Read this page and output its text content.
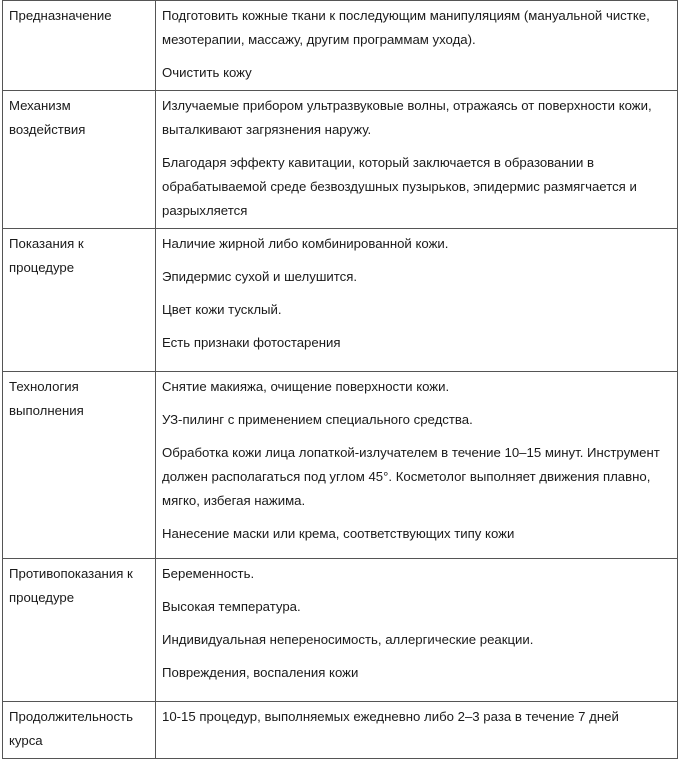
Предназначение	Подготовить кожные ткани к последующим манипуляциям (мануальной чистке, мезотерапии, массажу, другим программам ухода).

Очистить кожу

Механизм воздействия	Излучаемые прибором ультразвуковые волны, отражаясь от поверхности кожи, выталкивают загрязнения наружу.

Благодаря эффекту кавитации, который заключается в образовании в обрабатываемой среде безвоздушных пузырьков, эпидермис размягчается и разрыхляется

Показания к процедуре	Наличие жирной либо комбинированной кожи.

Эпидермис сухой и шелушится.

Цвет кожи тусклый.

Есть признаки фотостарения

Технология выполнения	Снятие макияжа, очищение поверхности кожи.

УЗ-пилинг с применением специального средства.

Обработка кожи лица лопаткой-излучателем в течение 10–15 минут. Инструмент должен располагаться под углом 45°. Косметолог выполняет движения плавно, мягко, избегая нажима.

Нанесение маски или крема, соответствующих типу кожи

Противопоказания к процедуре	Беременность.

Высокая температура.

Индивидуальная непереносимость, аллергические реакции.

Повреждения, воспаления кожи

Продолжительность курса	10-15 процедур, выполняемых ежедневно либо 2–3 раза в течение 7 дней
